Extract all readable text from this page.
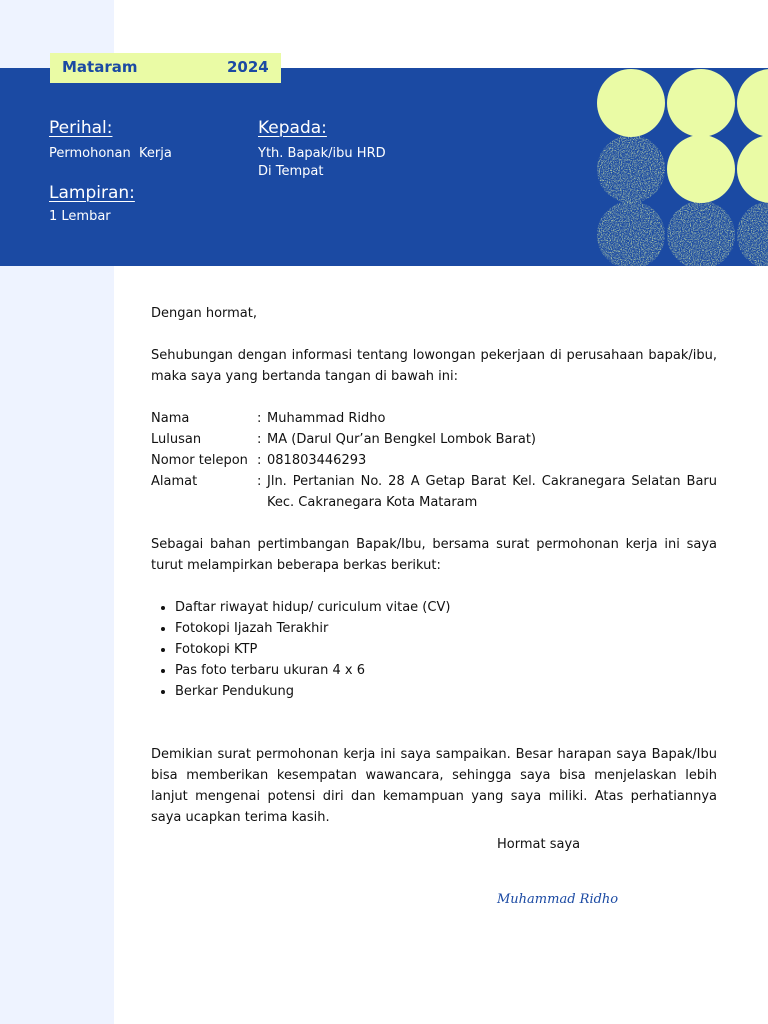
Mataram	2024
Perihal:
Permohonan  Kerja
Lampiran:
1 Lembar
Kepada:
Yth. Bapak/ibu HRD
Di Tempat

Dengan hormat,

Sehubungan dengan informasi tentang lowongan pekerjaan di perusahaan bapak/ibu, maka saya yang bertanda tangan di bawah ini:

Nama	: Muhammad Ridho
Lulusan	: MA (Darul Qur’an Bengkel Lombok Barat)
Nomor telepon : 081803446293
Alamat	: Jln. Pertanian No. 28 A Getap Barat Kel. Cakranegara Selatan Baru Kec. Cakranegara Kota Mataram

Sebagai bahan pertimbangan Bapak/Ibu, bersama surat permohonan kerja ini saya turut melampirkan beberapa berkas berikut:

• Daftar riwayat hidup/ curiculum vitae (CV)
• Fotokopi Ijazah Terakhir
• Fotokopi KTP
• Pas foto terbaru ukuran 4 x 6
• Berkar Pendukung

Demikian surat permohonan kerja ini saya sampaikan. Besar harapan saya Bapak/Ibu bisa memberikan kesempatan wawancara, sehingga saya bisa menjelaskan lebih lanjut mengenai potensi diri dan kemampuan yang saya miliki. Atas perhatiannya saya ucapkan terima kasih.

Hormat saya
Muhammad Ridho
